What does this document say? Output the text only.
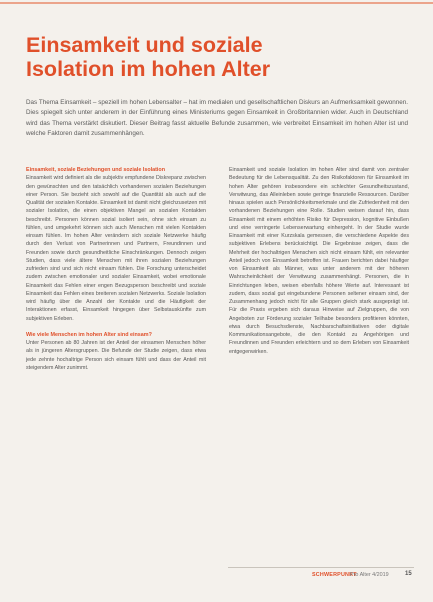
Einsamkeit und soziale
Isolation im hohen Alter

Das Thema Einsamkeit – speziell im hohen Lebensalter – hat im medialen und gesellschaftlichen Diskurs an Aufmerksamkeit gewonnen. Dies spiegelt sich unter anderem in der Einführung eines Ministeriums gegen Einsamkeit in Großbritannien wider. Auch in Deutschland wird das Thema verstärkt diskutiert. Dieser Beitrag fasst aktuelle Befunde zusammen, wie verbreitet Einsamkeit im hohen Alter ist und welche Faktoren damit zusammenhängen.

Einsamkeit, soziale Beziehungen und soziale Isolation

Einsamkeit wird definiert als die subjektiv empfundene Diskrepanz zwischen den gewünschten und den tatsächlich vorhandenen sozialen Beziehungen einer Person. Sie bezieht sich sowohl auf die Quantität als auch auf die Qualität der sozialen Kontakte. Einsamkeit ist damit nicht gleichzusetzen mit sozialer Isolation, die einen objektiven Mangel an sozialen Kontakten beschreibt. Personen können sozial isoliert sein, ohne sich einsam zu fühlen, und umgekehrt können sich auch Menschen mit vielen Kontakten einsam fühlen. Im hohen Alter verändern sich soziale Netzwerke häufig durch den Verlust von Partnerinnen und Partnern, Freundinnen und Freunden sowie durch gesundheitliche Einschränkungen. Dennoch zeigen Studien, dass viele ältere Menschen mit ihren sozialen Beziehungen zufrieden sind und sich nicht einsam fühlen. Die Forschung unterscheidet zudem zwischen emotionaler und sozialer Einsamkeit, wobei emotionale Einsamkeit das Fehlen einer engen Bezugsperson beschreibt und soziale Einsamkeit das Fehlen eines breiteren sozialen Netzwerks. Soziale Isolation wird häufig über die Anzahl der Kontakte und die Häufigkeit der Interaktionen erfasst, Einsamkeit hingegen über Selbstauskünfte zum subjektiven Erleben.

Wie viele Menschen im hohen Alter sind einsam?

Unter Personen ab 80 Jahren ist der Anteil der einsamen Menschen höher als in jüngeren Altersgruppen. Die Befunde der Studie zeigen, dass etwa jede zehnte hochaltrige Person sich einsam fühlt und dass der Anteil mit steigendem Alter zunimmt.

Einsamkeit und soziale Isolation im hohen Alter sind damit von zentraler Bedeutung für die Lebensqualität. Zu den Risikofaktoren für Einsamkeit im hohen Alter gehören insbesondere ein schlechter Gesundheitszustand, Verwitwung, das Alleinleben sowie geringe finanzielle Ressourcen. Darüber hinaus spielen auch Persönlichkeitsmerkmale und die Zufriedenheit mit den vorhandenen Beziehungen eine Rolle. Studien weisen darauf hin, dass Einsamkeit mit einem erhöhten Risiko für Depression, kognitive Einbußen und eine verringerte Lebenserwartung einhergeht. In der Studie wurde Einsamkeit mit einer Kurzskala gemessen, die verschiedene Aspekte des subjektiven Erlebens berücksichtigt. Die Ergebnisse zeigen, dass die Mehrheit der hochaltrigen Menschen sich nicht einsam fühlt, ein relevanter Anteil jedoch von Einsamkeit betroffen ist. Frauen berichten dabei häufiger von Einsamkeit als Männer, was unter anderem mit der höheren Wahrscheinlichkeit der Verwitwung zusammenhängt. Personen, die in Einrichtungen leben, weisen ebenfalls höhere Werte auf. Interessant ist zudem, dass sozial gut eingebundene Personen seltener einsam sind, der Zusammenhang jedoch nicht für alle Gruppen gleich stark ausgeprägt ist. Für die Praxis ergeben sich daraus Hinweise auf Zielgruppen, die von Angeboten zur Förderung sozialer Teilhabe besonders profitieren könnten, etwa durch Besuchsdienste, Nachbarschaftsinitiativen oder digitale Kommunikationsangebote, die den Kontakt zu Angehörigen und Freundinnen und Freunden erleichtern und so dem Erleben von Einsamkeit entgegenwirken.

SCHWERPUNKT
Pro Alter 4/2019	15
